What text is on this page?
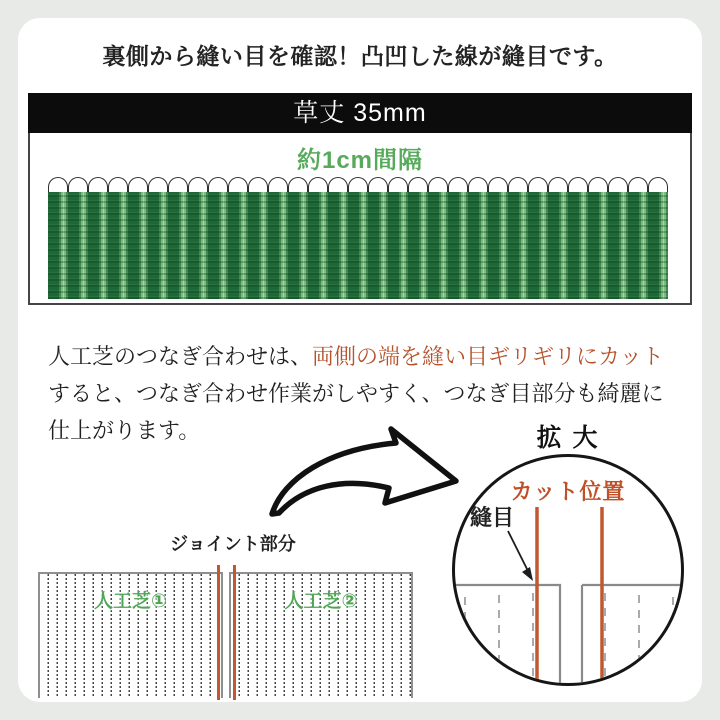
裏側から縫い目を確認！凸凹した線が縫目です。
草丈 35mm
約1cm間隔
人工芝のつなぎ合わせは、両側の端を縫い目ギリギリにカット
すると、つなぎ合わせ作業がしやすく、つなぎ目部分も綺麗に
仕上がります。	拡 大
カット位置
縫目
ジョイント部分
人工芝①	人工芝②
